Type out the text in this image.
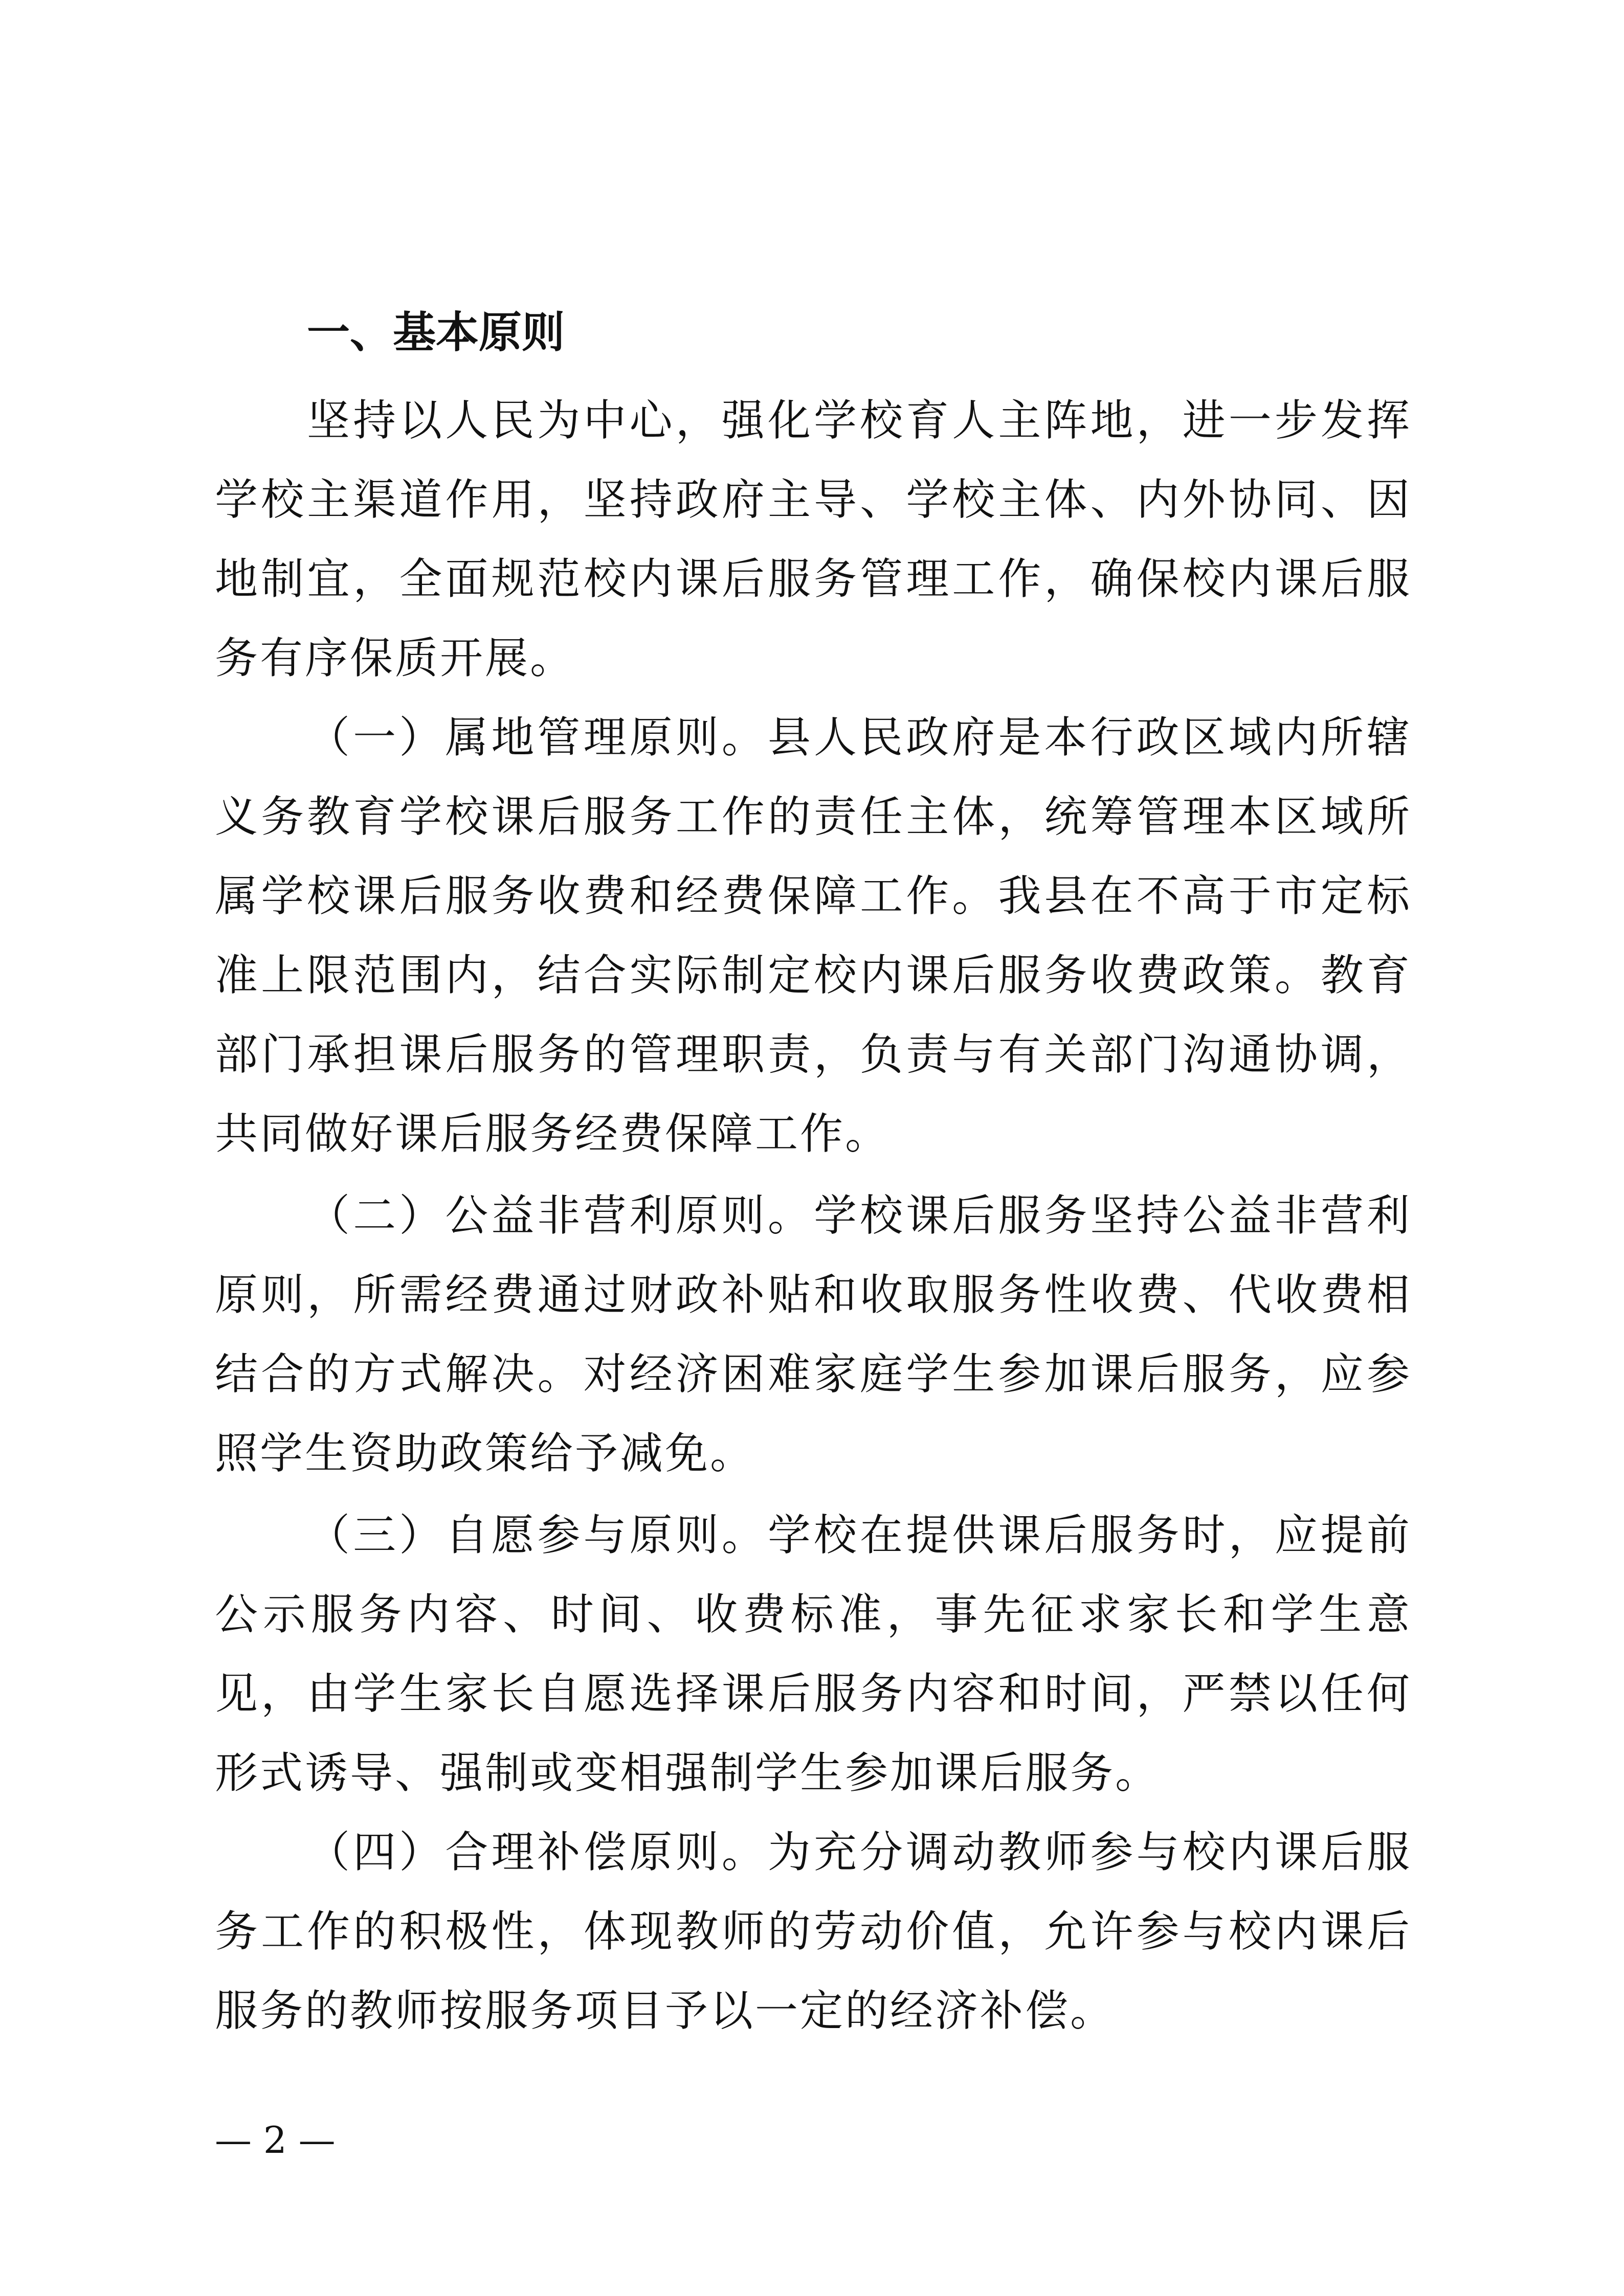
一、基本原则
坚持以人民为中心，强化学校育人主阵地，进一步发挥学校主渠道作用，坚持政府主导、学校主体、内外协同、因地制宜，全面规范校内课后服务管理工作，确保校内课后服务有序保质开展。
（一）属地管理原则。县人民政府是本行政区域内所辖义务教育学校课后服务工作的责任主体，统筹管理本区域所属学校课后服务收费和经费保障工作。我县在不高于市定标准上限范围内，结合实际制定校内课后服务收费政策。教育部门承担课后服务的管理职责，负责与有关部门沟通协调，共同做好课后服务经费保障工作。
（二）公益非营利原则。学校课后服务坚持公益非营利原则，所需经费通过财政补贴和收取服务性收费、代收费相结合的方式解决。对经济困难家庭学生参加课后服务，应参照学生资助政策给予减免。
（三）自愿参与原则。学校在提供课后服务时，应提前公示服务内容、时间、收费标准，事先征求家长和学生意见，由学生家长自愿选择课后服务内容和时间，严禁以任何形式诱导、强制或变相强制学生参加课后服务。
（四）合理补偿原则。为充分调动教师参与校内课后服务工作的积极性，体现教师的劳动价值，允许参与校内课后服务的教师按服务项目予以一定的经济补偿。
— 2 —
